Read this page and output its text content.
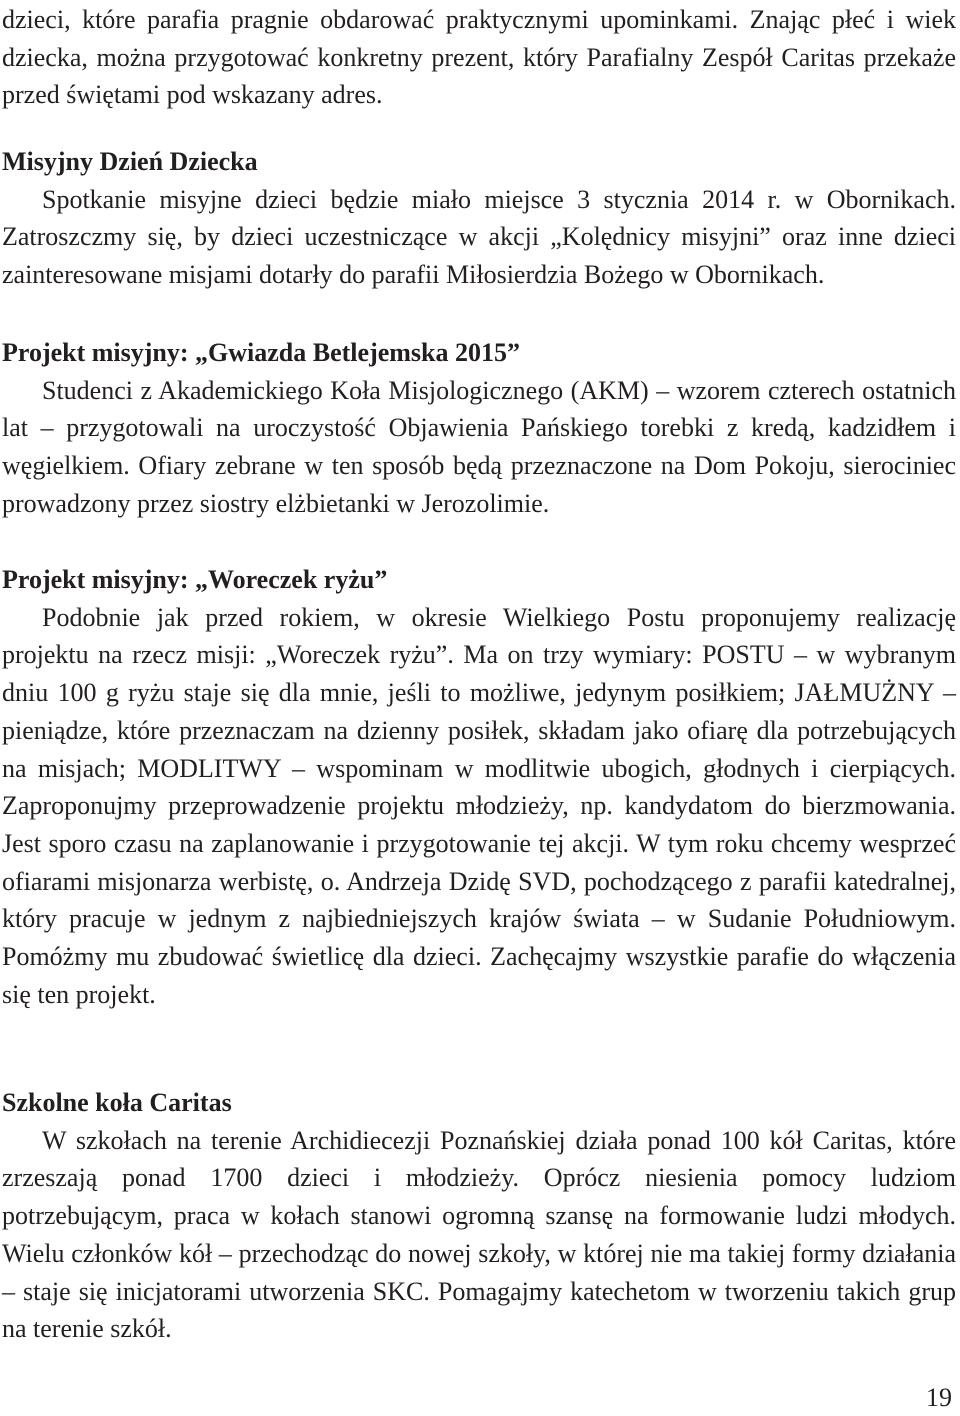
dzieci, które parafia pragnie obdarować praktycznymi upominkami. Znając płeć i wiek dziecka, można przygotować konkretny prezent, który Parafialny Zespół Caritas przekaże przed świętami pod wskazany adres.

Misyjny Dzień Dziecka

Spotkanie misyjne dzieci będzie miało miejsce 3 stycznia 2014 r. w Obornikach. Zatroszczmy się, by dzieci uczestniczące w akcji „Kolędnicy misyjni” oraz inne dzieci zainteresowane misjami dotarły do parafii Miłosierdzia Bożego w Obornikach.

Projekt misyjny: „Gwiazda Betlejemska 2015”

Studenci z Akademickiego Koła Misjologicznego (AKM) – wzorem czterech ostatnich lat – przygotowali na uroczystość Objawienia Pańskiego torebki z kredą, kadzidłem i węgielkiem. Ofiary zebrane w ten sposób będą przeznaczone na Dom Pokoju, sierociniec prowadzony przez siostry elżbietanki w Jerozolimie.

Projekt misyjny: „Woreczek ryżu”

Podobnie jak przed rokiem, w okresie Wielkiego Postu proponujemy realizację projektu na rzecz misji: „Woreczek ryżu”. Ma on trzy wymiary: POSTU – w wybranym dniu 100 g ryżu staje się dla mnie, jeśli to możliwe, jedynym posiłkiem; JAŁMUŻNY – pieniądze, które przeznaczam na dzienny posiłek, składam jako ofiarę dla potrzebujących na misjach; MODLITWY – wspominam w modlitwie ubogich, głodnych i cierpiących. Zaproponujmy przeprowadzenie projektu młodzieży, np. kandydatom do bierzmowania. Jest sporo czasu na zaplanowanie i przygotowanie tej akcji. W tym roku chcemy wesprzeć ofiarami misjonarza werbistę, o. Andrzeja Dzidę SVD, pochodzącego z parafii katedralnej, który pracuje w jednym z najbiedniejszych krajów świata – w Sudanie Południowym. Pomóżmy mu zbudować świetlicę dla dzieci. Zachęcajmy wszystkie parafie do włączenia się ten projekt.

Szkolne koła Caritas

W szkołach na terenie Archidiecezji Poznańskiej działa ponad 100 kół Caritas, które zrzeszają ponad 1700 dzieci i młodzieży. Oprócz niesienia pomocy ludziom potrzebującym, praca w kołach stanowi ogromną szansę na formowanie ludzi młodych. Wielu członków kół – przechodząc do nowej szkoły, w której nie ma takiej formy działania – staje się inicjatorami utworzenia SKC. Pomagajmy katechetom w tworzeniu takich grup na terenie szkół.

19
